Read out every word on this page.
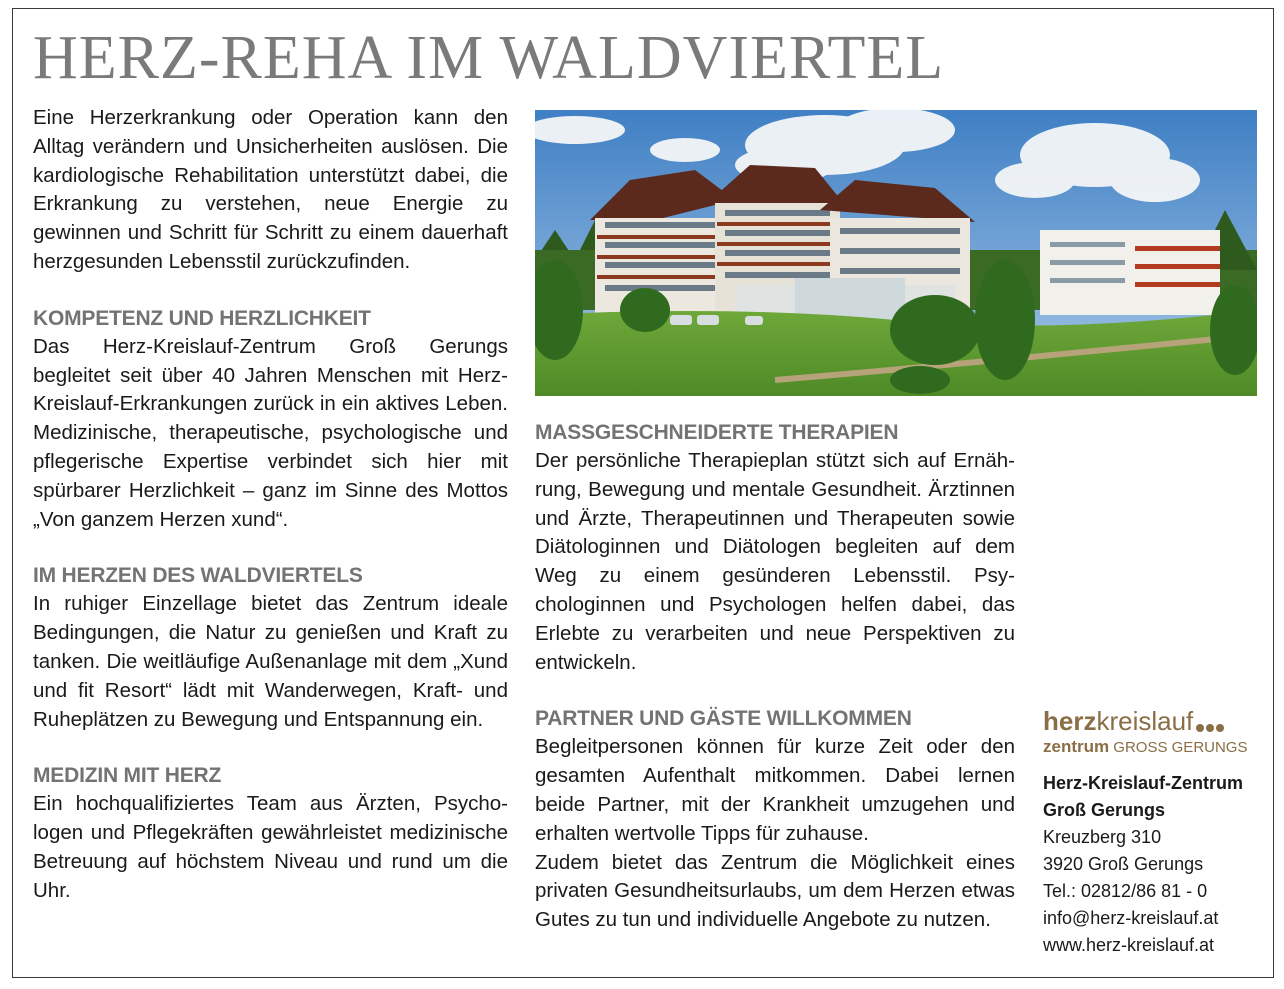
HERZ-REHA IM WALDVIERTEL

Eine Herzerkrankung oder Operation kann den Alltag verändern und Unsicherheiten auslösen. Die kardiologische Rehabilitation unterstützt dabei, die Erkrankung zu verstehen, neue Energie zu gewinnen und Schritt für Schritt zu einem dauerhaft herzgesunden Lebensstil zurückzufinden.

KOMPETENZ UND HERZLICHKEIT

Das Herz-Kreislauf-Zentrum Groß Gerungs begleitet seit über 40 Jahren Menschen mit Herz-Kreislauf-Erkrankungen zurück in ein aktives Leben. Medizinische, therapeutische, psychologische und pflegerische Expertise verbindet sich hier mit spürbarer Herzlichkeit – ganz im Sinne des Mottos „Von ganzem Herzen xund“.

IM HERZEN DES WALDVIERTELS

In ruhiger Einzellage bietet das Zentrum ideale Bedingungen, die Natur zu genießen und Kraft zu tanken. Die weitläufige Außenanlage mit dem „Xund und fit Resort“ lädt mit Wanderwegen, Kraft- und Ruheplätzen zu Bewegung und Entspannung ein.

MEDIZIN MIT HERZ

Ein hochqualifiziertes Team aus Ärzten, Psychologen und Pflegekräften gewährleistet medizinische Betreuung auf höchstem Niveau und rund um die Uhr.

MASSGESCHNEIDERTE THERAPIEN

Der persönliche Therapieplan stützt sich auf Ernährung, Bewegung und mentale Gesundheit. Ärztinnen und Ärzte, Therapeutinnen und Therapeuten sowie Diätologinnen und Diätologen begleiten auf dem Weg zu einem gesünderen Lebensstil. Psychologinnen und Psychologen helfen dabei, das Erlebte zu verarbeiten und neue Perspektiven zu entwickeln.

PARTNER UND GÄSTE WILLKOMMEN

Begleitpersonen können für kurze Zeit oder den gesamten Aufenthalt mitkommen. Dabei lernen beide Partner, mit der Krankheit umzugehen und erhalten wertvolle Tipps für zuhause.

Zudem bietet das Zentrum die Möglichkeit eines privaten Gesundheitsurlaubs, um dem Herzen etwas Gutes zu tun und individuelle Angebote zu nutzen.

herzkreislauf
zentrum GROSS GERUNGS
Herz-Kreislauf-Zentrum
Groß Gerungs
Kreuzberg 310
3920 Groß Gerungs
Tel.: 02812/86 81 - 0
info@herz-kreislauf.at
www.herz-kreislauf.at
